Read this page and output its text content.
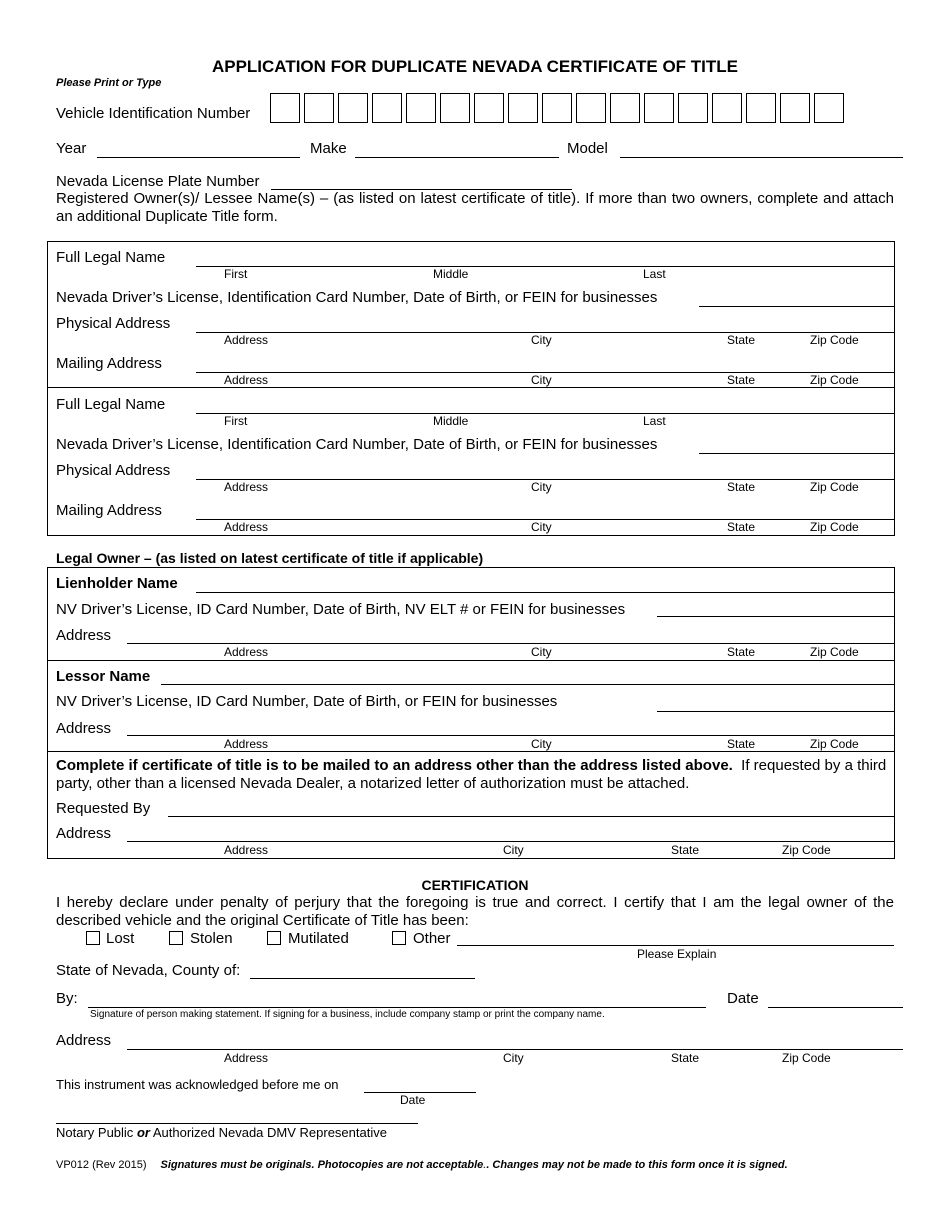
APPLICATION FOR DUPLICATE NEVADA CERTIFICATE OF TITLE
Please Print or Type
Vehicle Identification Number
Year	Make	Model
Nevada License Plate Number
Registered Owner(s)/ Lessee Name(s) – (as listed on latest certificate of title). If more than two owners, complete and attach an additional Duplicate Title form.
Full Legal Name
First	Middle	Last
Nevada Driver’s License, Identification Card Number, Date of Birth, or FEIN for businesses
Physical Address
Address	City	State	Zip Code
Mailing Address
Address	City	State	Zip Code
Full Legal Name
First	Middle	Last
Nevada Driver’s License, Identification Card Number, Date of Birth, or FEIN for businesses
Physical Address
Address	City	State	Zip Code
Mailing Address
Address	City	State	Zip Code
Legal Owner – (as listed on latest certificate of title if applicable)
Lienholder Name
NV Driver’s License, ID Card Number, Date of Birth, NV ELT # or FEIN for businesses
Address
Address	City	State	Zip Code
Lessor Name
NV Driver’s License, ID Card Number, Date of Birth, or FEIN for businesses
Address
Address	City	State	Zip Code
Complete if certificate of title is to be mailed to an address other than the address listed above. If requested by a third party, other than a licensed Nevada Dealer, a notarized letter of authorization must be attached.
Requested By
Address
Address	City	State	Zip Code
CERTIFICATION
I hereby declare under penalty of perjury that the foregoing is true and correct. I certify that I am the legal owner of the described vehicle and the original Certificate of Title has been:
Lost	Stolen	Mutilated	Other
Please Explain
State of Nevada, County of:
By:	Date
Signature of person making statement. If signing for a business, include company stamp or print the company name.
Address
Address	City	State	Zip Code
This instrument was acknowledged before me on
Date
Notary Public or Authorized Nevada DMV Representative
VP012 (Rev 2015) Signatures must be originals. Photocopies are not acceptable.. Changes may not be made to this form once it is signed.
